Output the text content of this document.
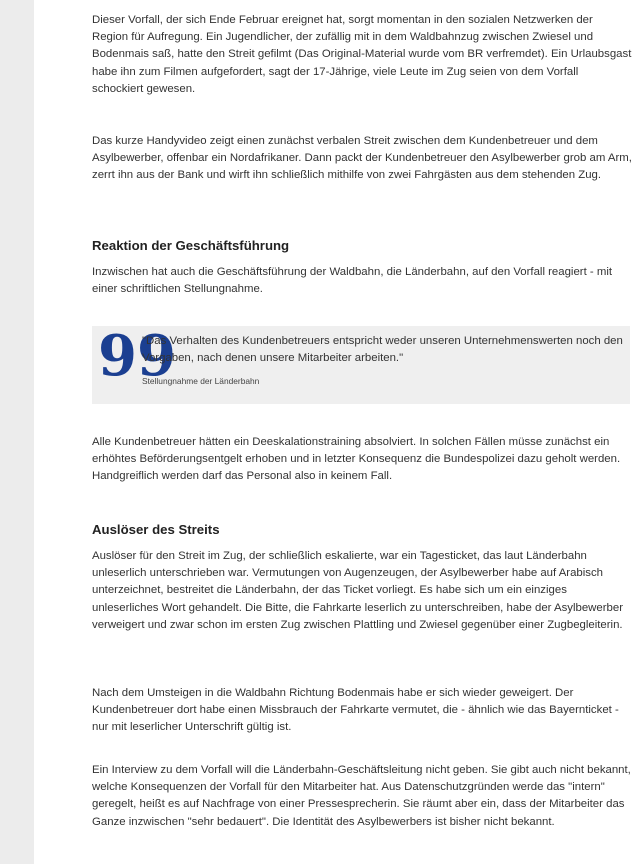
Dieser Vorfall, der sich Ende Februar ereignet hat, sorgt momentan in den sozialen Netzwerken der Region für Aufregung. Ein Jugendlicher, der zufällig mit in dem Waldbahnzug zwischen Zwiesel und Bodenmais saß, hatte den Streit gefilmt (Das Original-Material wurde vom BR verfremdet). Ein Urlaubsgast habe ihn zum Filmen aufgefordert, sagt der 17-Jährige, viele Leute im Zug seien von dem Vorfall schockiert gewesen.

Das kurze Handyvideo zeigt einen zunächst verbalen Streit zwischen dem Kundenbetreuer und dem Asylbewerber, offenbar ein Nordafrikaner. Dann packt der Kundenbetreuer den Asylbewerber grob am Arm, zerrt ihn aus der Bank und wirft ihn schließlich mithilfe von zwei Fahrgästen aus dem stehenden Zug.

Reaktion der Geschäftsführung

Inzwischen hat auch die Geschäftsführung der Waldbahn, die Länderbahn, auf den Vorfall reagiert - mit einer schriftlichen Stellungnahme.

Alle Kundenbetreuer hätten ein Deeskalationstraining absolviert. In solchen Fällen müsse zunächst ein erhöhtes Beförderungsentgelt erhoben und in letzter Konsequenz die Bundespolizei dazu geholt werden. Handgreiflich werden darf das Personal also in keinem Fall.

Auslöser des Streits

Auslöser für den Streit im Zug, der schließlich eskalierte, war ein Tagesticket, das laut Länderbahn unleserlich unterschrieben war. Vermutungen von Augenzeugen, der Asylbewerber habe auf Arabisch unterzeichnet, bestreitet die Länderbahn, der das Ticket vorliegt. Es habe sich um ein einziges unleserliches Wort gehandelt. Die Bitte, die Fahrkarte leserlich zu unterschreiben, habe der Asylbewerber verweigert und zwar schon im ersten Zug zwischen Plattling und Zwiesel gegenüber einer Zugbegleiterin.

Nach dem Umsteigen in die Waldbahn Richtung Bodenmais habe er sich wieder geweigert. Der Kundenbetreuer dort habe einen Missbrauch der Fahrkarte vermutet, die - ähnlich wie das Bayernticket - nur mit leserlicher Unterschrift gültig ist.

Ein Interview zu dem Vorfall will die Länderbahn-Geschäftsleitung nicht geben. Sie gibt auch nicht bekannt, welche Konsequenzen der Vorfall für den Mitarbeiter hat. Aus Datenschutzgründen werde das "intern" geregelt, heißt es auf Nachfrage von einer Pressesprecherin. Sie räumt aber ein, dass der Mitarbeiter das Ganze inzwischen "sehr bedauert". Die Identität des Asylbewerbers ist bisher nicht bekannt.

99
"Das Verhalten des Kundenbetreuers entspricht weder unseren Unternehmenswerten noch den Vorgaben, nach denen unsere Mitarbeiter arbeiten."
Stellungnahme der Länderbahn
